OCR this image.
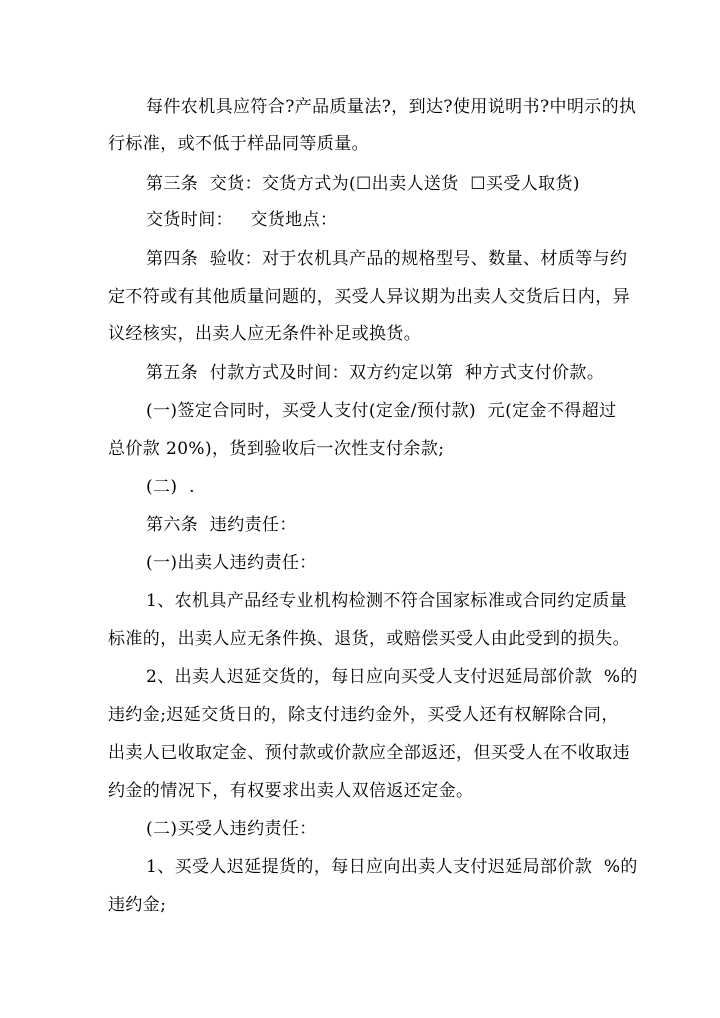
每件农机具应符合?产品质量法?，到达?使用说明书?中明示的执
行标准，或不低于样品同等质量。
第三条  交货：交货方式为(☐出卖人送货  ☐买受人取货)
交货时间：   交货地点：
第四条  验收：对于农机具产品的规格型号、数量、材质等与约
定不符或有其他质量问题的，买受人异议期为出卖人交货后日内，异
议经核实，出卖人应无条件补足或换货。
第五条  付款方式及时间：双方约定以第  种方式支付价款。
(一)签定合同时，买受人支付(定金/预付款)  元(定金不得超过
总价款 20%)，货到验收后一次性支付余款;
(二)  .
第六条  违约责任：
(一)出卖人违约责任：
1、农机具产品经专业机构检测不符合国家标准或合同约定质量
标准的，出卖人应无条件换、退货，或赔偿买受人由此受到的损失。
2、出卖人迟延交货的，每日应向买受人支付迟延局部价款  %的
违约金;迟延交货日的，除支付违约金外，买受人还有权解除合同，
出卖人已收取定金、预付款或价款应全部返还，但买受人在不收取违
约金的情况下，有权要求出卖人双倍返还定金。
(二)买受人违约责任：
1、买受人迟延提货的，每日应向出卖人支付迟延局部价款  %的
违约金;
